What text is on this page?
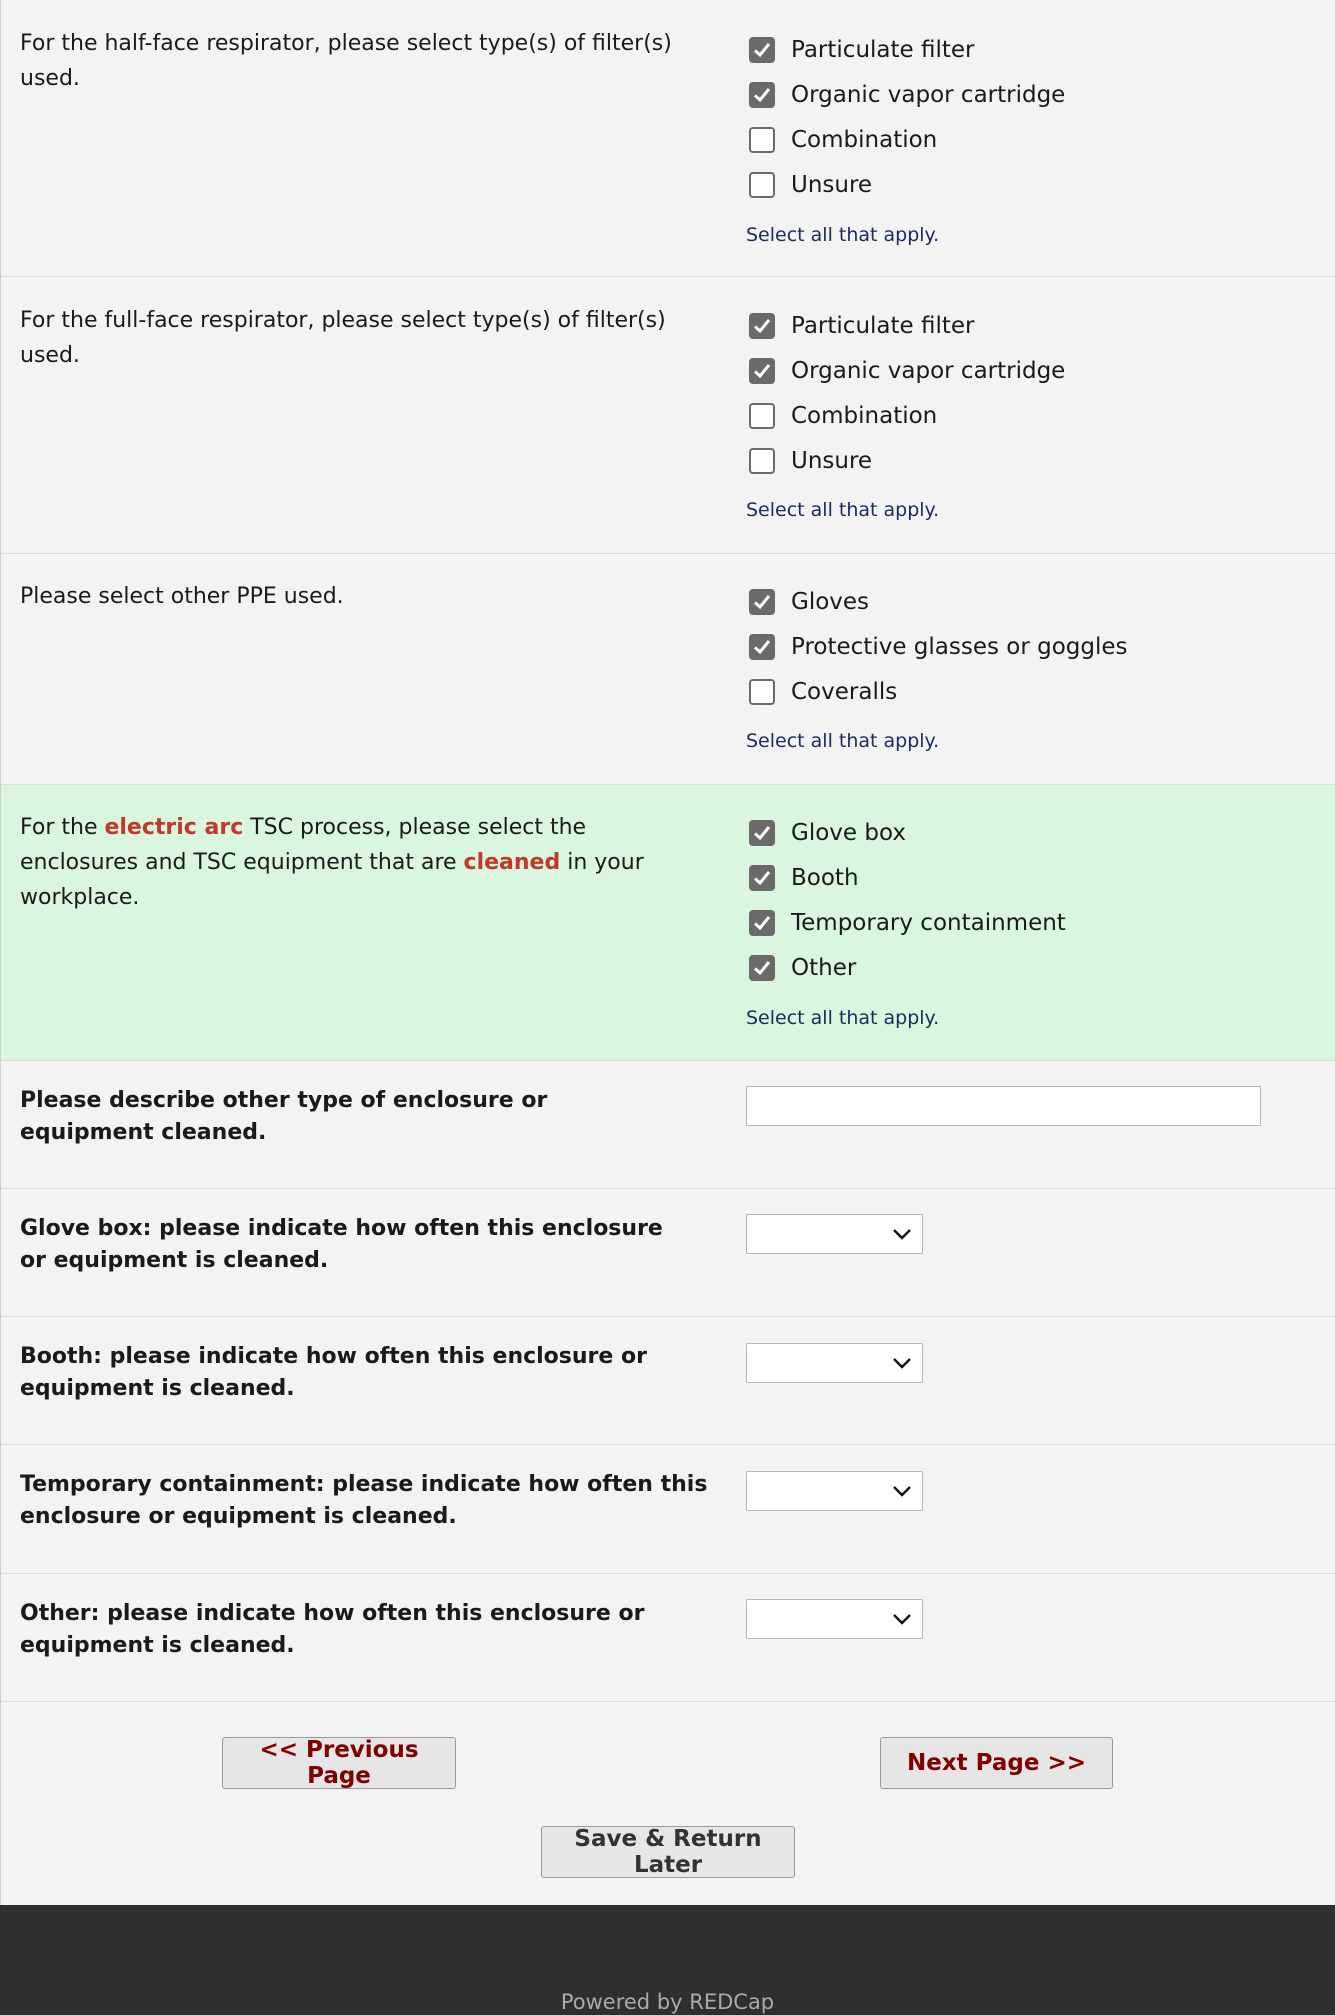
For the half-face respirator, please select type(s) of filter(s) used.
Particulate filter
Organic vapor cartridge
Combination
Unsure
Select all that apply.
For the full-face respirator, please select type(s) of filter(s) used.
Particulate filter
Organic vapor cartridge
Combination
Unsure
Select all that apply.
Please select other PPE used.	Gloves
Protective glasses or goggles
Coveralls
Select all that apply.
For the electric arc TSC process, please select the enclosures and TSC equipment that are cleaned in your workplace.
Glove box
Booth
Temporary containment
Other
Select all that apply.
Please describe other type of enclosure or equipment cleaned.
Glove box: please indicate how often this enclosure or equipment is cleaned.
Booth: please indicate how often this enclosure or equipment is cleaned.
Temporary containment: please indicate how often this enclosure or equipment is cleaned.
Other: please indicate how often this enclosure or equipment is cleaned.
<< Previous Page	Next Page >>
Save & Return Later
Powered by REDCap
